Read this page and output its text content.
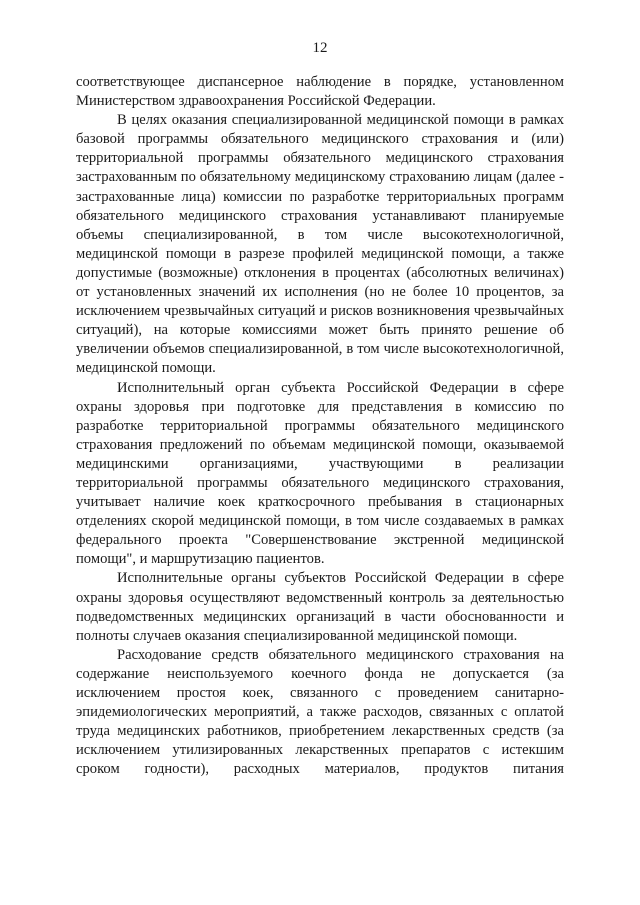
12

соответствующее диспансерное наблюдение в порядке, установленном Министерством здравоохранения Российской Федерации.

В целях оказания специализированной медицинской помощи в рамках базовой программы обязательного медицинского страхования и (или) территориальной программы обязательного медицинского страхования застрахованным по обязательному медицинскому страхованию лицам (далее - застрахованные лица) комиссии по разработке территориальных программ обязательного медицинского страхования устанавливают планируемые объемы специализированной, в том числе высокотехнологичной, медицинской помощи в разрезе профилей медицинской помощи, а также допустимые (возможные) отклонения в процентах (абсолютных величинах) от установленных значений их исполнения (но не более 10 процентов, за исключением чрезвычайных ситуаций и рисков возникновения чрезвычайных ситуаций), на которые комиссиями может быть принято решение об увеличении объемов специализированной, в том числе высокотехнологичной, медицинской помощи.

Исполнительный орган субъекта Российской Федерации в сфере охраны здоровья при подготовке для представления в комиссию по разработке территориальной программы обязательного медицинского страхования предложений по объемам медицинской помощи, оказываемой медицинскими организациями, участвующими в реализации территориальной программы обязательного медицинского страхования, учитывает наличие коек краткосрочного пребывания в стационарных отделениях скорой медицинской помощи, в том числе создаваемых в рамках федерального проекта "Совершенствование экстренной медицинской помощи", и маршрутизацию пациентов.

Исполнительные органы субъектов Российской Федерации в сфере охраны здоровья осуществляют ведомственный контроль за деятельностью подведомственных медицинских организаций в части обоснованности и полноты случаев оказания специализированной медицинской помощи.

Расходование средств обязательного медицинского страхования на содержание неиспользуемого коечного фонда не допускается (за исключением простоя коек, связанного с проведением санитарно-эпидемиологических мероприятий, а также расходов, связанных с оплатой труда медицинских работников, приобретением лекарственных средств (за исключением утилизированных лекарственных препаратов с истекшим сроком годности), расходных материалов, продуктов питания
